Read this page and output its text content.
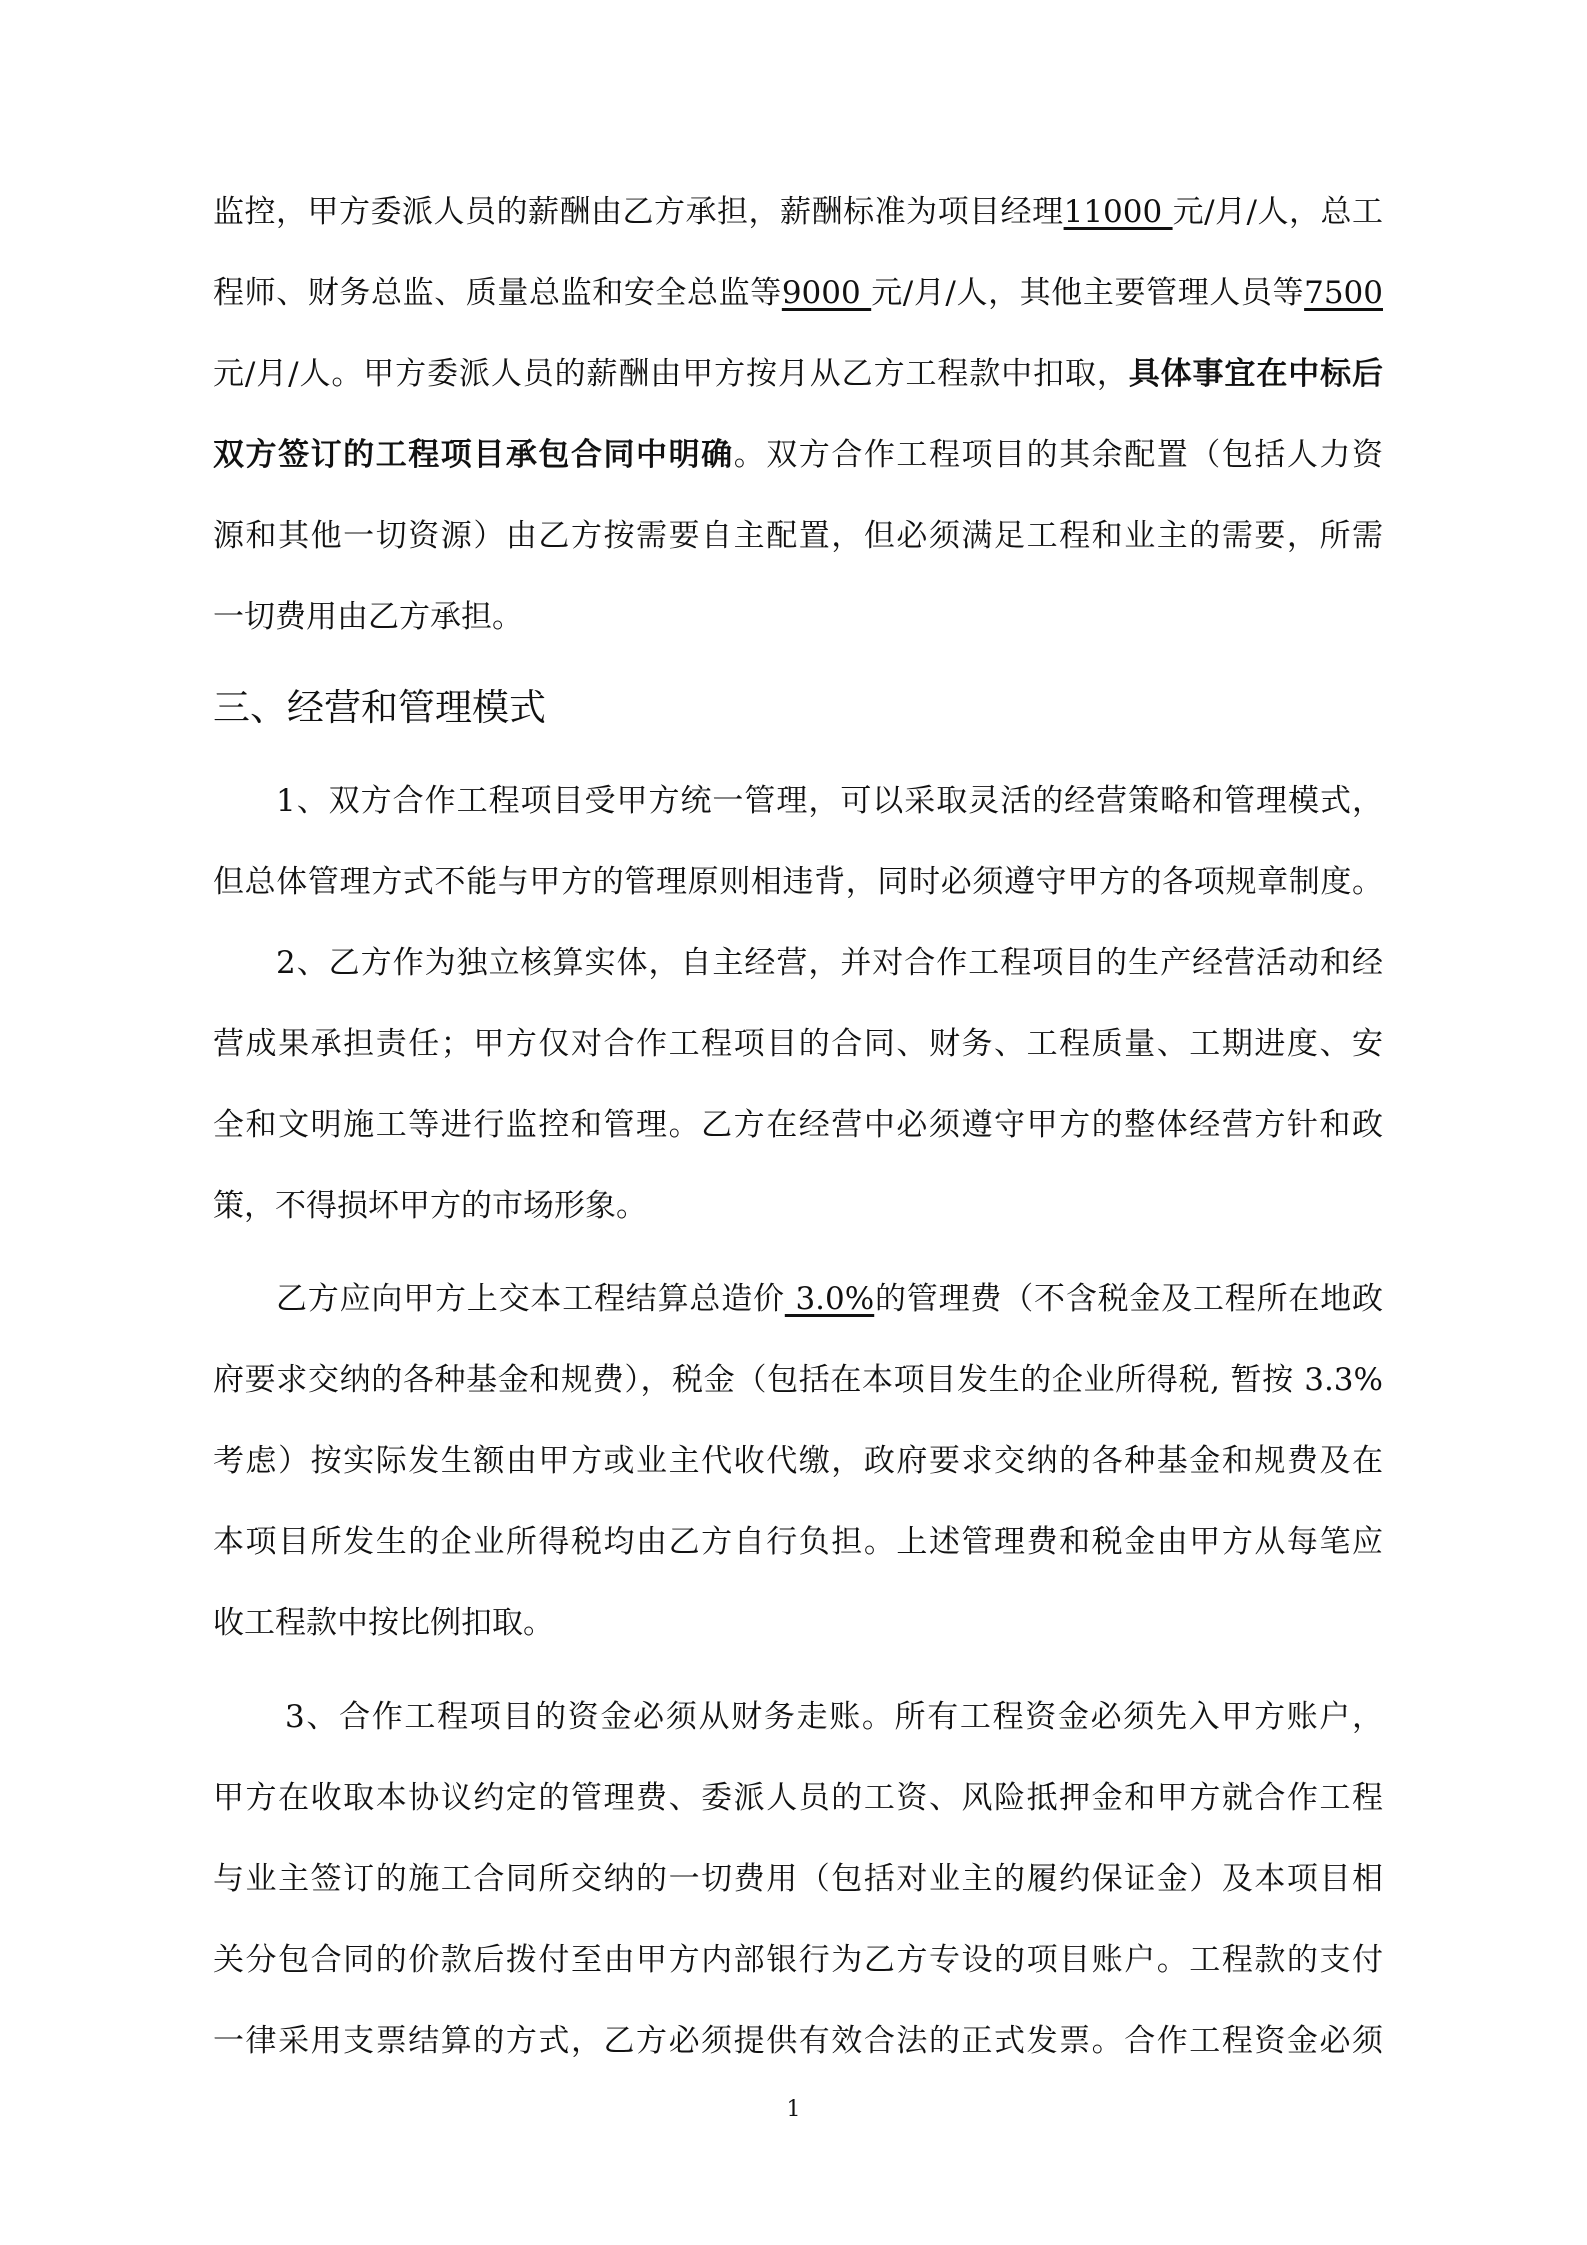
监控，甲方委派人员的薪酬由乙方承担，薪酬标准为项目经理11000 元/月/人，总工
程师、财务总监、质量总监和安全总监等9000 元/月/人，其他主要管理人员等7500
元/月/人。甲方委派人员的薪酬由甲方按月从乙方工程款中扣取，具体事宜在中标后
双方签订的工程项目承包合同中明确。双方合作工程项目的其余配置（包括人力资
源和其他一切资源）由乙方按需要自主配置，但必须满足工程和业主的需要，所需
一切费用由乙方承担。
三、经营和管理模式
1、双方合作工程项目受甲方统一管理，可以采取灵活的经营策略和管理模式，
但总体管理方式不能与甲方的管理原则相违背，同时必须遵守甲方的各项规章制度。
2、乙方作为独立核算实体，自主经营，并对合作工程项目的生产经营活动和经
营成果承担责任；甲方仅对合作工程项目的合同、财务、工程质量、工期进度、安
全和文明施工等进行监控和管理。乙方在经营中必须遵守甲方的整体经营方针和政
策，不得损坏甲方的市场形象。
乙方应向甲方上交本工程结算总造价 3.0%的管理费（不含税金及工程所在地政
府要求交纳的各种基金和规费），税金（包括在本项目发生的企业所得税, 暂按 3.3%
考虑）按实际发生额由甲方或业主代收代缴，政府要求交纳的各种基金和规费及在
本项目所发生的企业所得税均由乙方自行负担。上述管理费和税金由甲方从每笔应
收工程款中按比例扣取。
3、合作工程项目的资金必须从财务走账。所有工程资金必须先入甲方账户，
甲方在收取本协议约定的管理费、委派人员的工资、风险抵押金和甲方就合作工程
与业主签订的施工合同所交纳的一切费用（包括对业主的履约保证金）及本项目相
关分包合同的价款后拨付至由甲方内部银行为乙方专设的项目账户。工程款的支付
一律采用支票结算的方式，乙方必须提供有效合法的正式发票。合作工程资金必须
1
